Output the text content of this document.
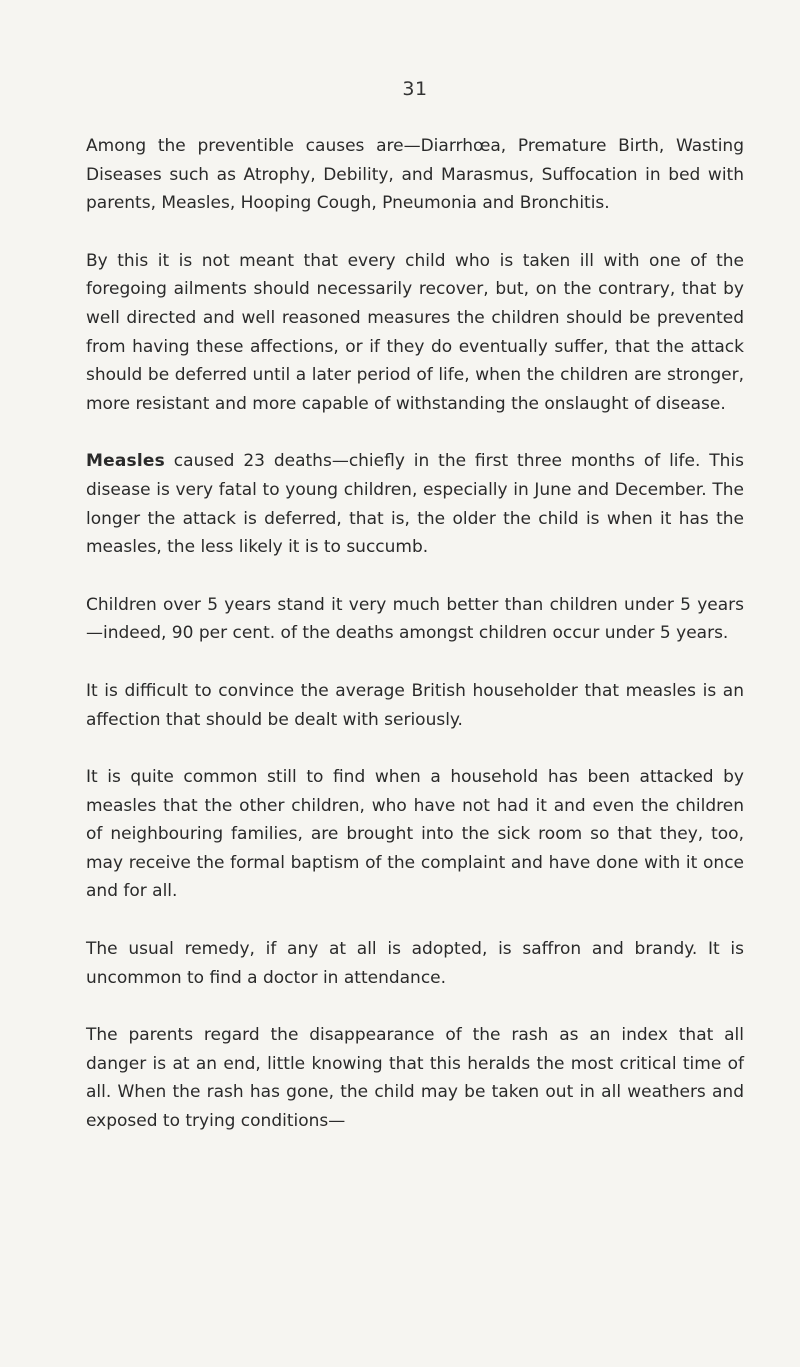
31

Among the preventible causes are—Diarrhœa, Premature Birth, Wasting Diseases such as Atrophy, Debility, and Marasmus, Suffocation in bed with parents, Measles, Hooping Cough, Pneumonia and Bronchitis.

By this it is not meant that every child who is taken ill with one of the foregoing ailments should necessarily recover, but, on the contrary, that by well directed and well reasoned measures the children should be prevented from having these affections, or if they do eventually suffer, that the attack should be deferred until a later period of life, when the children are stronger, more resistant and more capable of withstanding the onslaught of disease.

Measles caused 23 deaths—chiefly in the first three months of life. This disease is very fatal to young children, especially in June and December. The longer the attack is deferred, that is, the older the child is when it has the measles, the less likely it is to succumb.

Children over 5 years stand it very much better than children under 5 years—indeed, 90 per cent. of the deaths amongst children occur under 5 years.

It is difficult to convince the average British householder that measles is an affection that should be dealt with seriously.

It is quite common still to find when a household has been attacked by measles that the other children, who have not had it and even the children of neighbouring families, are brought into the sick room so that they, too, may receive the formal baptism of the complaint and have done with it once and for all.

The usual remedy, if any at all is adopted, is saffron and brandy. It is uncommon to find a doctor in attendance.

The parents regard the disappearance of the rash as an index that all danger is at an end, little knowing that this heralds the most critical time of all. When the rash has gone, the child may be taken out in all weathers and exposed to trying conditions—
